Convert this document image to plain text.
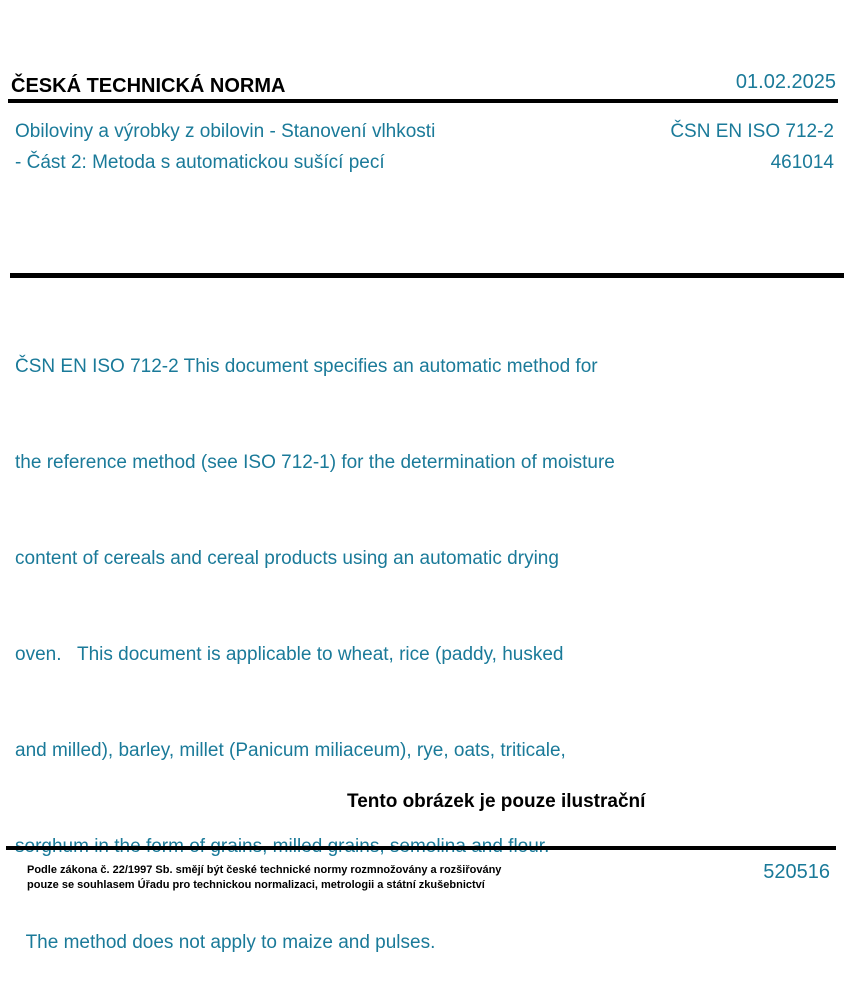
ČESKÁ TECHNICKÁ NORMA	01.02.2025
Obiloviny a výrobky z obilovin - Stanovení vlhkosti
- Část 2: Metoda s automatickou sušící pecí
ČSN EN ISO 712-2
461014

ČSN EN ISO 712-2 This document specifies an automatic method for

the reference method (see ISO 712-1) for the determination of moisture

content of cereals and cereal products using an automatic drying

oven.   This document is applicable to wheat, rice (paddy, husked

and milled), barley, millet (Panicum miliaceum), rye, oats, triticale,

The method does not apply to maize and pulses.

Tento obrázek je pouze ilustrační
Podle zákona č. 22/1997 Sb. smějí být české technické normy rozmnožovány a rozšiřovány
pouze se souhlasem Úřadu pro technickou normalizaci, metrologii a státní zkušebnictví
520516
